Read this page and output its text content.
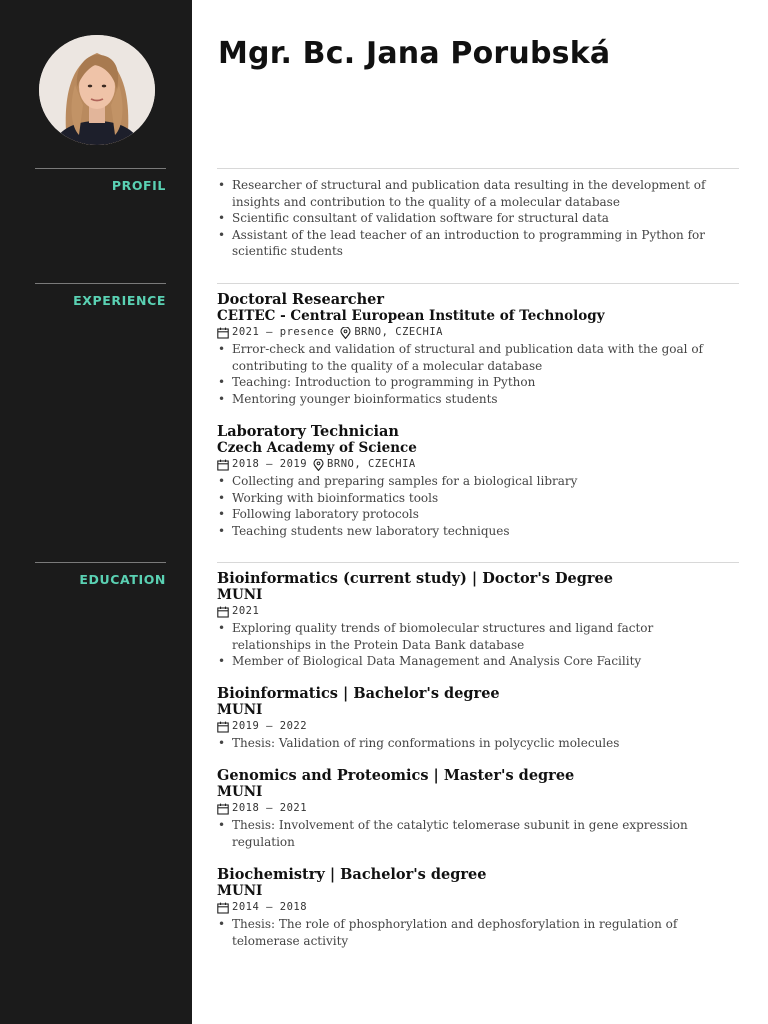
Mgr. Bc. Jana Porubská
PROFIL
•	Researcher of structural and publication data resulting in the development of insights and contribution to the quality of a molecular database
• Scientific consultant of validation software for structural data
• Assistant of the lead teacher of an introduction to programming in Python for scientific students
EXPERIENCE	Doctoral Researcher
CEITEC - Central European Institute of Technology
2021 – presence BRNO, CZECHIA
• Error-check and validation of structural and publication data with the goal of contributing to the quality of a molecular database
• Teaching: Introduction to programming in Python
• Mentoring younger bioinformatics students
Laboratory Technician
Czech Academy of Science
2018 – 2019 BRNO, CZECHIA
• Collecting and preparing samples for a biological library
• Working with bioinformatics tools
• Following laboratory protocols
• Teaching students new laboratory techniques
EDUCATION	Bioinformatics (current study) | Doctor's Degree
MUNI
2021
• Exploring quality trends of biomolecular structures and ligand factor relationships in the Protein Data Bank database
• Member of Biological Data Management and Analysis Core Facility
Bioinformatics | Bachelor's degree
MUNI
2019 – 2022
• Thesis: Validation of ring conformations in polycyclic molecules
Genomics and Proteomics | Master's degree
MUNI
2018 – 2021
• Thesis: Involvement of the catalytic telomerase subunit in gene expression regulation
Biochemistry | Bachelor's degree
MUNI
2014 – 2018
• Thesis: The role of phosphorylation and dephosforylation in regulation of telomerase activity
